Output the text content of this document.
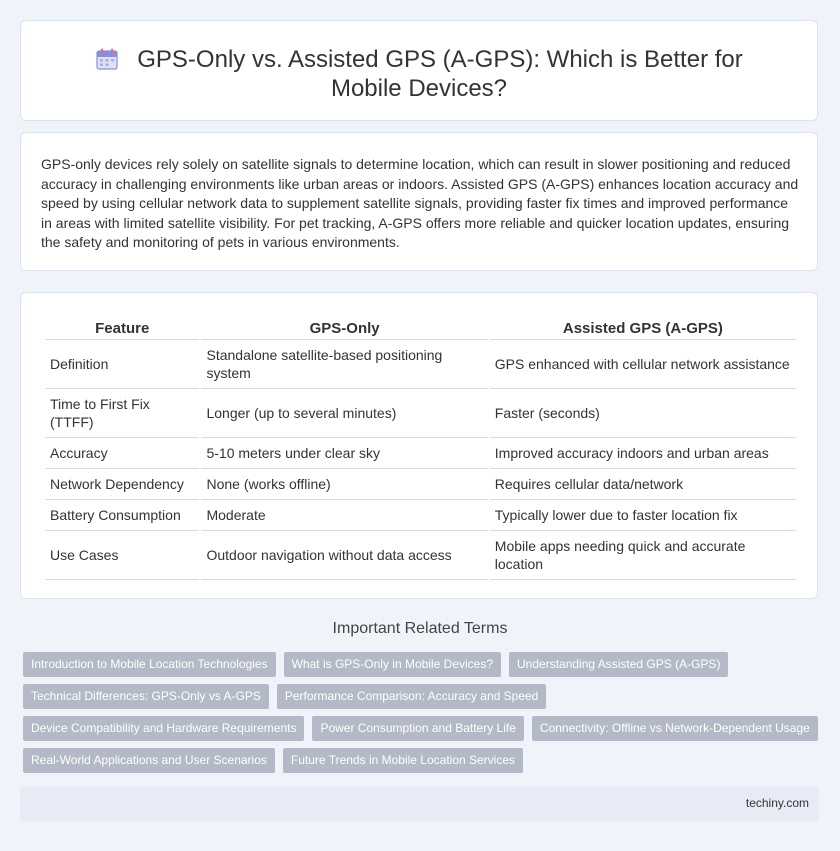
GPS-Only vs. Assisted GPS (A-GPS): Which is Better for Mobile Devices?

GPS-only devices rely solely on satellite signals to determine location, which can result in slower positioning and reduced accuracy in challenging environments like urban areas or indoors. Assisted GPS (A-GPS) enhances location accuracy and speed by using cellular network data to supplement satellite signals, providing faster fix times and improved performance in areas with limited satellite visibility. For pet tracking, A-GPS offers more reliable and quicker location updates, ensuring the safety and monitoring of pets in various environments.

Feature	GPS-Only	Assisted GPS (A-GPS)
Definition	Standalone satellite-based positioning system	GPS enhanced with cellular network assistance
Time to First Fix (TTFF)	Longer (up to several minutes)	Faster (seconds)
Accuracy	5-10 meters under clear sky	Improved accuracy indoors and urban areas
Network Dependency	None (works offline)	Requires cellular data/network
Battery Consumption	Moderate	Typically lower due to faster location fix
Use Cases	Outdoor navigation without data access	Mobile apps needing quick and accurate location
Important Related Terms
Introduction to Mobile Location Technologies	What is GPS-Only in Mobile Devices?	Understanding Assisted GPS (A-GPS)
Technical Differences: GPS-Only vs A-GPS	Performance Comparison: Accuracy and Speed
Device Compatibility and Hardware Requirements	Power Consumption and Battery Life	Connectivity: Offline vs Network-Dependent Usage
Real-World Applications and User Scenarios	Future Trends in Mobile Location Services
techiny.com
